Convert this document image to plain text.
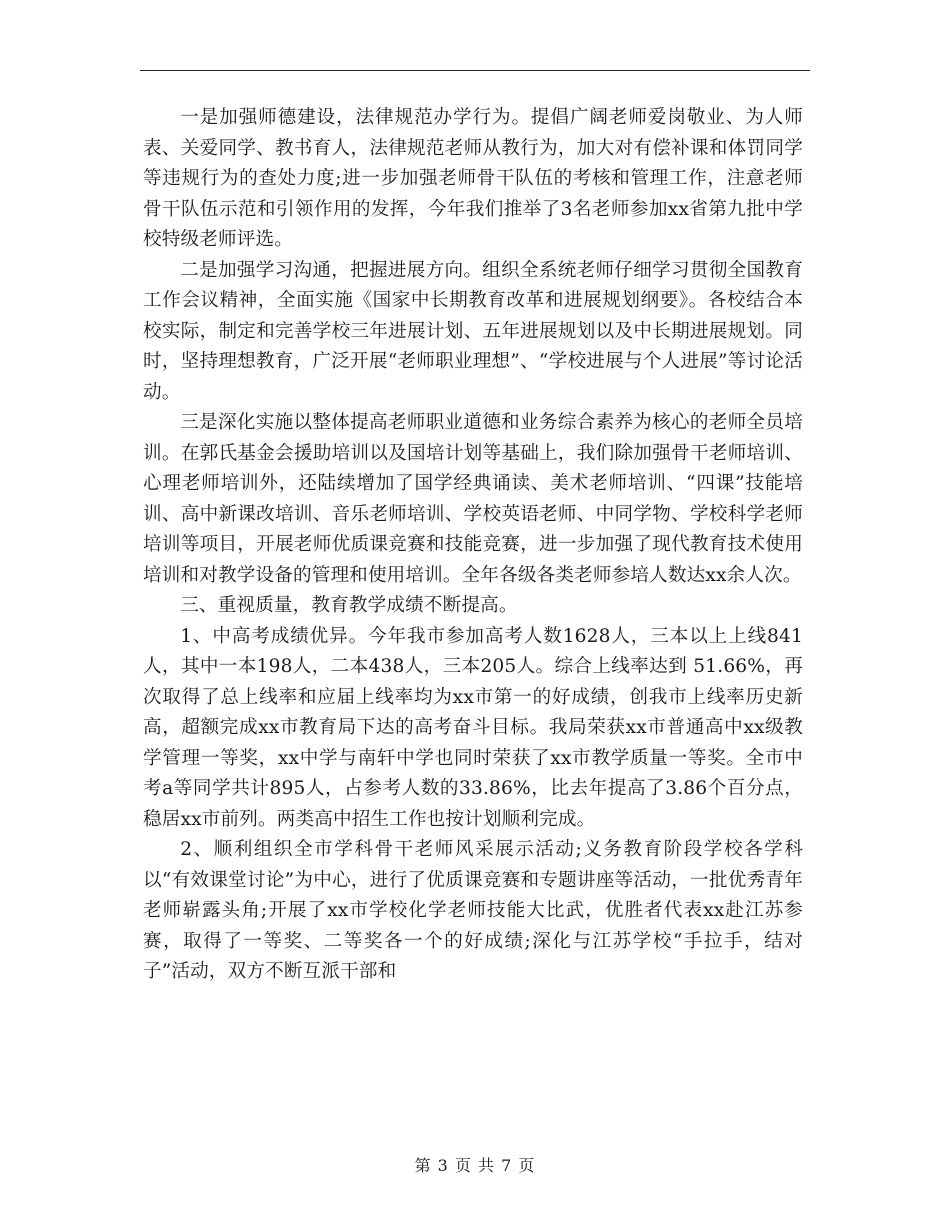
一是加强师德建设，法律规范办学行为。提倡广阔老师爱岗敬业、为人师表、关爱同学、教书育人，法律规范老师从教行为，加大对有偿补课和体罚同学等违规行为的查处力度;进一步加强老师骨干队伍的考核和管理工作，注意老师骨干队伍示范和引领作用的发挥，今年我们推举了3名老师参加xx省第九批中学校特级老师评选。

二是加强学习沟通，把握进展方向。组织全系统老师仔细学习贯彻全国教育工作会议精神，全面实施《国家中长期教育改革和进展规划纲要》。各校结合本校实际，制定和完善学校三年进展计划、五年进展规划以及中长期进展规划。同时，坚持理想教育，广泛开展“老师职业理想”、“学校进展与个人进展”等讨论活动。

三是深化实施以整体提高老师职业道德和业务综合素养为核心的老师全员培训。在郭氏基金会援助培训以及国培计划等基础上，我们除加强骨干老师培训、心理老师培训外，还陆续增加了国学经典诵读、美术老师培训、“四课”技能培训、高中新课改培训、音乐老师培训、学校英语老师、中同学物、学校科学老师培训等项目，开展老师优质课竞赛和技能竞赛，进一步加强了现代教育技术使用培训和对教学设备的管理和使用培训。全年各级各类老师参培人数达xx余人次。

三、重视质量，教育教学成绩不断提高。

1、中高考成绩优异。今年我市参加高考人数1628人，三本以上上线841人，其中一本198人，二本438人，三本205人。综合上线率达到 51.66%，再次取得了总上线率和应届上线率均为xx市第一的好成绩，创我市上线率历史新高，超额完成xx市教育局下达的高考奋斗目标。我局荣获xx市普通高中xx级教学管理一等奖，xx中学与南轩中学也同时荣获了xx市教学质量一等奖。全市中考a等同学共计895人，占参考人数的33.86%，比去年提高了3.86个百分点，稳居xx市前列。两类高中招生工作也按计划顺利完成。

2、顺利组织全市学科骨干老师风采展示活动;义务教育阶段学校各学科以“有效课堂讨论”为中心，进行了优质课竞赛和专题讲座等活动，一批优秀青年老师崭露头角;开展了xx市学校化学老师技能大比武，优胜者代表xx赴江苏参赛，取得了一等奖、二等奖各一个的好成绩;深化与江苏学校“手拉手，结对子”活动，双方不断互派干部和

第 3 页 共 7 页
